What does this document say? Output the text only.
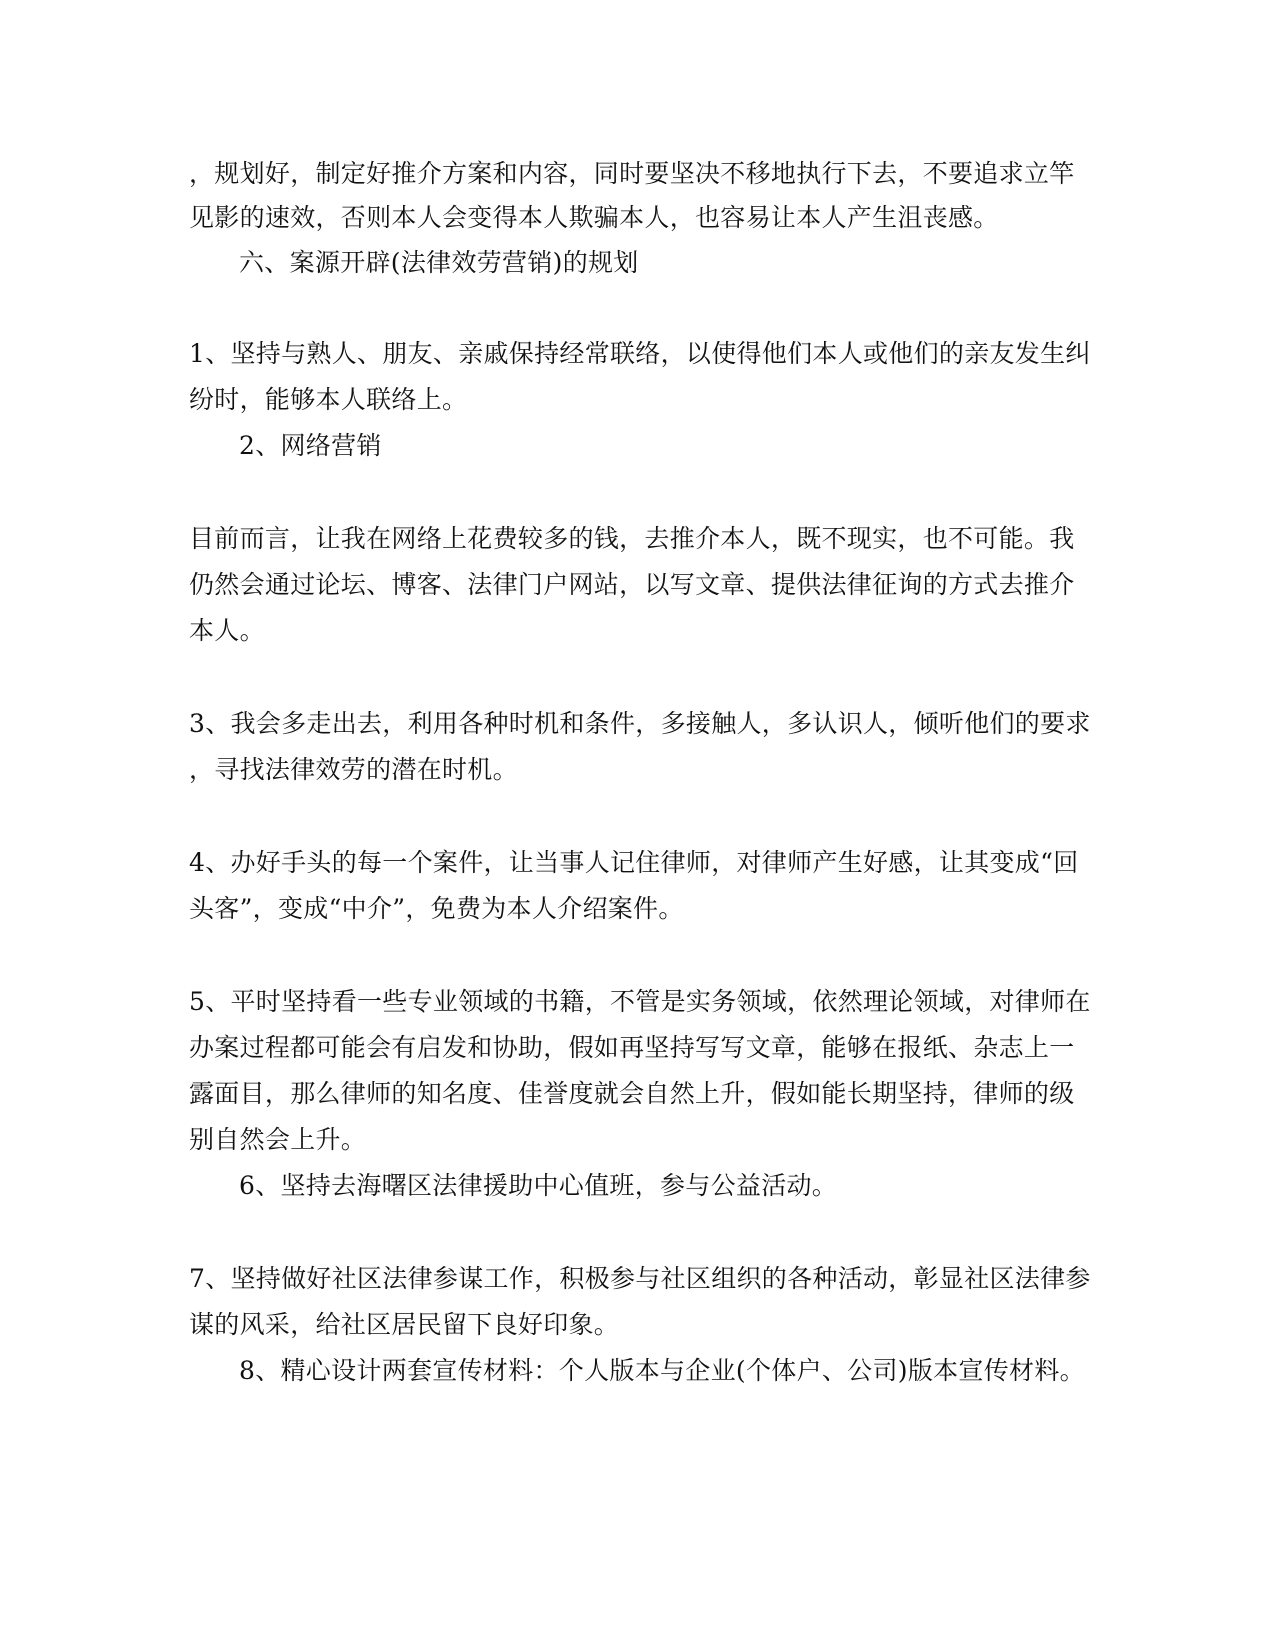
，规划好，制定好推介方案和内容，同时要坚决不移地执行下去，不要追求立竿
见影的速效，否则本人会变得本人欺骗本人，也容易让本人产生沮丧感。
六、案源开辟(法律效劳营销)的规划
1、坚持与熟人、朋友、亲戚保持经常联络，以使得他们本人或他们的亲友发生纠
纷时，能够本人联络上。
2、网络营销
目前而言，让我在网络上花费较多的钱，去推介本人，既不现实，也不可能。我
仍然会通过论坛、博客、法律门户网站，以写文章、提供法律征询的方式去推介
本人。
3、我会多走出去，利用各种时机和条件，多接触人，多认识人，倾听他们的要求
，寻找法律效劳的潜在时机。
4、办好手头的每一个案件，让当事人记住律师，对律师产生好感，让其变成“回
头客”，变成“中介”，免费为本人介绍案件。
5、平时坚持看一些专业领域的书籍，不管是实务领域，依然理论领域，对律师在
办案过程都可能会有启发和协助，假如再坚持写写文章，能够在报纸、杂志上一
露面目，那么律师的知名度、佳誉度就会自然上升，假如能长期坚持，律师的级
别自然会上升。
6、坚持去海曙区法律援助中心值班，参与公益活动。
7、坚持做好社区法律参谋工作，积极参与社区组织的各种活动，彰显社区法律参
谋的风采，给社区居民留下良好印象。
8、精心设计两套宣传材料：个人版本与企业(个体户、公司)版本宣传材料。
